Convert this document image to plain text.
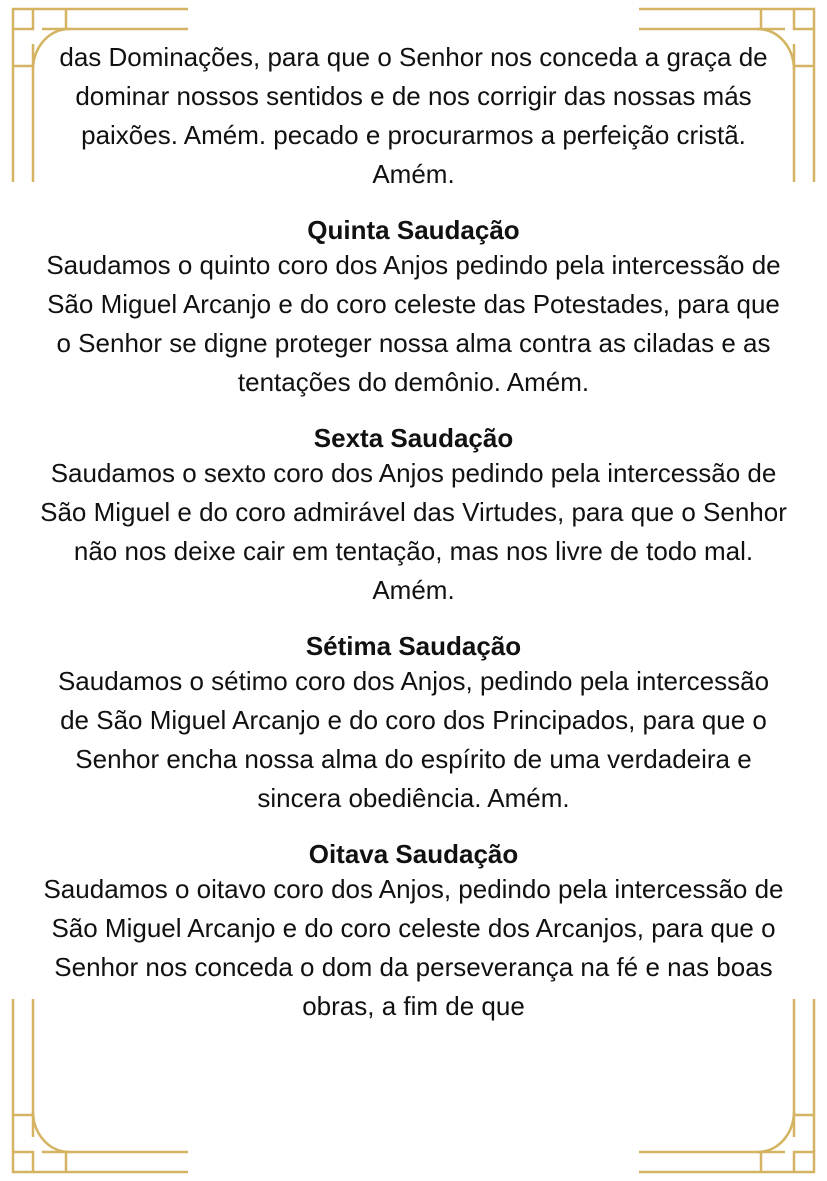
das Dominações, para que o Senhor nos conceda a graça de dominar nossos sentidos e de nos corrigir das nossas más paixões. Amém. pecado e procurarmos a perfeição cristã. Amém.

Quinta Saudação

Saudamos o quinto coro dos Anjos pedindo pela intercessão de São Miguel Arcanjo e do coro celeste das Potestades, para que o Senhor se digne proteger nossa alma contra as ciladas e as tentações do demônio. Amém.

Sexta Saudação

Saudamos o sexto coro dos Anjos pedindo pela intercessão de São Miguel e do coro admirável das Virtudes, para que o Senhor não nos deixe cair em tentação, mas nos livre de todo mal. Amém.

Sétima Saudação

Saudamos o sétimo coro dos Anjos, pedindo pela intercessão de São Miguel Arcanjo e do coro dos Principados, para que o Senhor encha nossa alma do espírito de uma verdadeira e sincera obediência. Amém.

Oitava Saudação

Saudamos o oitavo coro dos Anjos, pedindo pela intercessão de São Miguel Arcanjo e do coro celeste dos Arcanjos, para que o Senhor nos conceda o dom da perseverança na fé e nas boas obras, a fim de que
